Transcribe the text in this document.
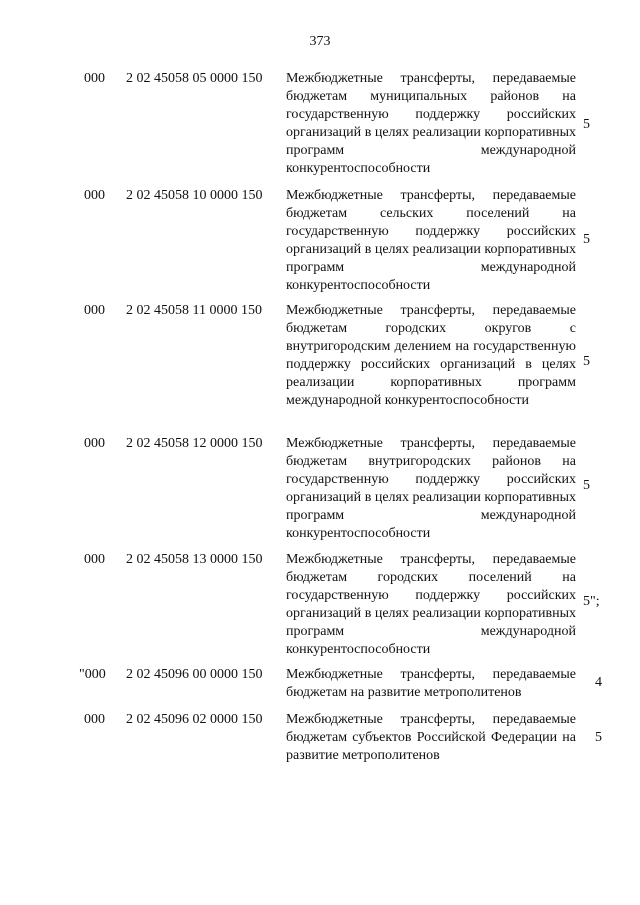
373
000	2 02 45058 05 0000 150 Межбюджетные трансферты, передаваемые бюджетам муниципальных районов на государственную поддержку российских организаций в целях реализации корпоративных программ международной конкурентоспособности
5
000	2 02 45058 10 0000 150 Межбюджетные трансферты, передаваемые бюджетам сельских поселений на государственную поддержку российских организаций в целях реализации корпоративных программ международной конкурентоспособности
5
000	2 02 45058 11 0000 150 Межбюджетные трансферты, передаваемые бюджетам городских округов с внутригородским делением на государственную поддержку российских организаций в целях реализации корпоративных программ международной конкурентоспособности
5
000	2 02 45058 12 0000 150 Межбюджетные трансферты, передаваемые бюджетам внутригородских районов на государственную поддержку российских организаций в целях реализации корпоративных программ международной конкурентоспособности
5
000	2 02 45058 13 0000 150 Межбюджетные трансферты, передаваемые бюджетам городских поселений на государственную поддержку российских организаций в целях реализации корпоративных программ международной конкурентоспособности
5";
"000 2 02 45096 00 0000 150 Межбюджетные трансферты, передаваемые бюджетам на развитие метрополитенов
4
000	2 02 45096 02 0000 150 Межбюджетные трансферты, передаваемые бюджетам субъектов Российской Федерации на развитие метрополитенов
5
